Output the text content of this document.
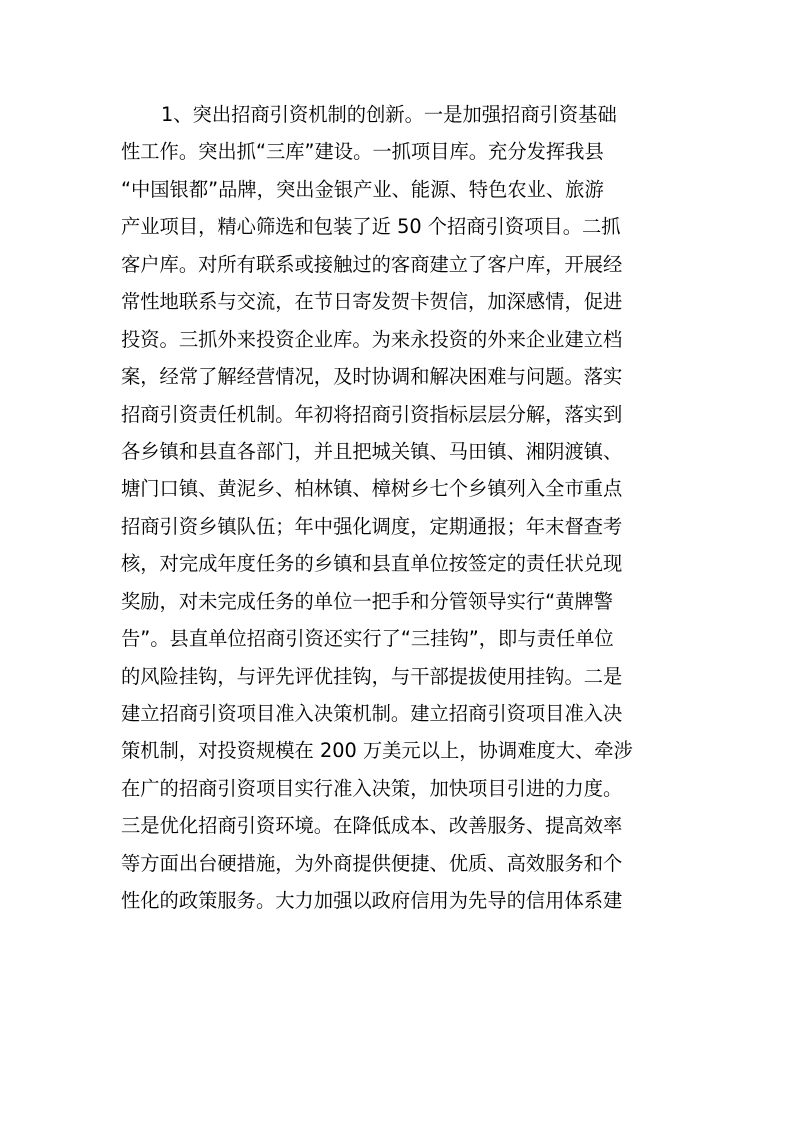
1、突出招商引资机制的创新。一是加强招商引资基础
性工作。突出抓“三库”建设。一抓项目库。充分发挥我县
“中国银都”品牌，突出金银产业、能源、特色农业、旅游
产业项目，精心筛选和包装了近 50 个招商引资项目。二抓
客户库。对所有联系或接触过的客商建立了客户库，开展经
常性地联系与交流，在节日寄发贺卡贺信，加深感情，促进
投资。三抓外来投资企业库。为来永投资的外来企业建立档
案，经常了解经营情况，及时协调和解决困难与问题。落实
招商引资责任机制。年初将招商引资指标层层分解，落实到
各乡镇和县直各部门，并且把城关镇、马田镇、湘阴渡镇、
塘门口镇、黄泥乡、柏林镇、樟树乡七个乡镇列入全市重点
招商引资乡镇队伍；年中强化调度，定期通报；年末督查考
核，对完成年度任务的乡镇和县直单位按签定的责任状兑现
奖励，对未完成任务的单位一把手和分管领导实行“黄牌警
告”。县直单位招商引资还实行了“三挂钩”，即与责任单位
的风险挂钩，与评先评优挂钩，与干部提拔使用挂钩。二是
建立招商引资项目准入决策机制。建立招商引资项目准入决
策机制，对投资规模在 200 万美元以上，协调难度大、牵涉
在广的招商引资项目实行准入决策，加快项目引进的力度。
三是优化招商引资环境。在降低成本、改善服务、提高效率
等方面出台硬措施，为外商提供便捷、优质、高效服务和个
性化的政策服务。大力加强以政府信用为先导的信用体系建
